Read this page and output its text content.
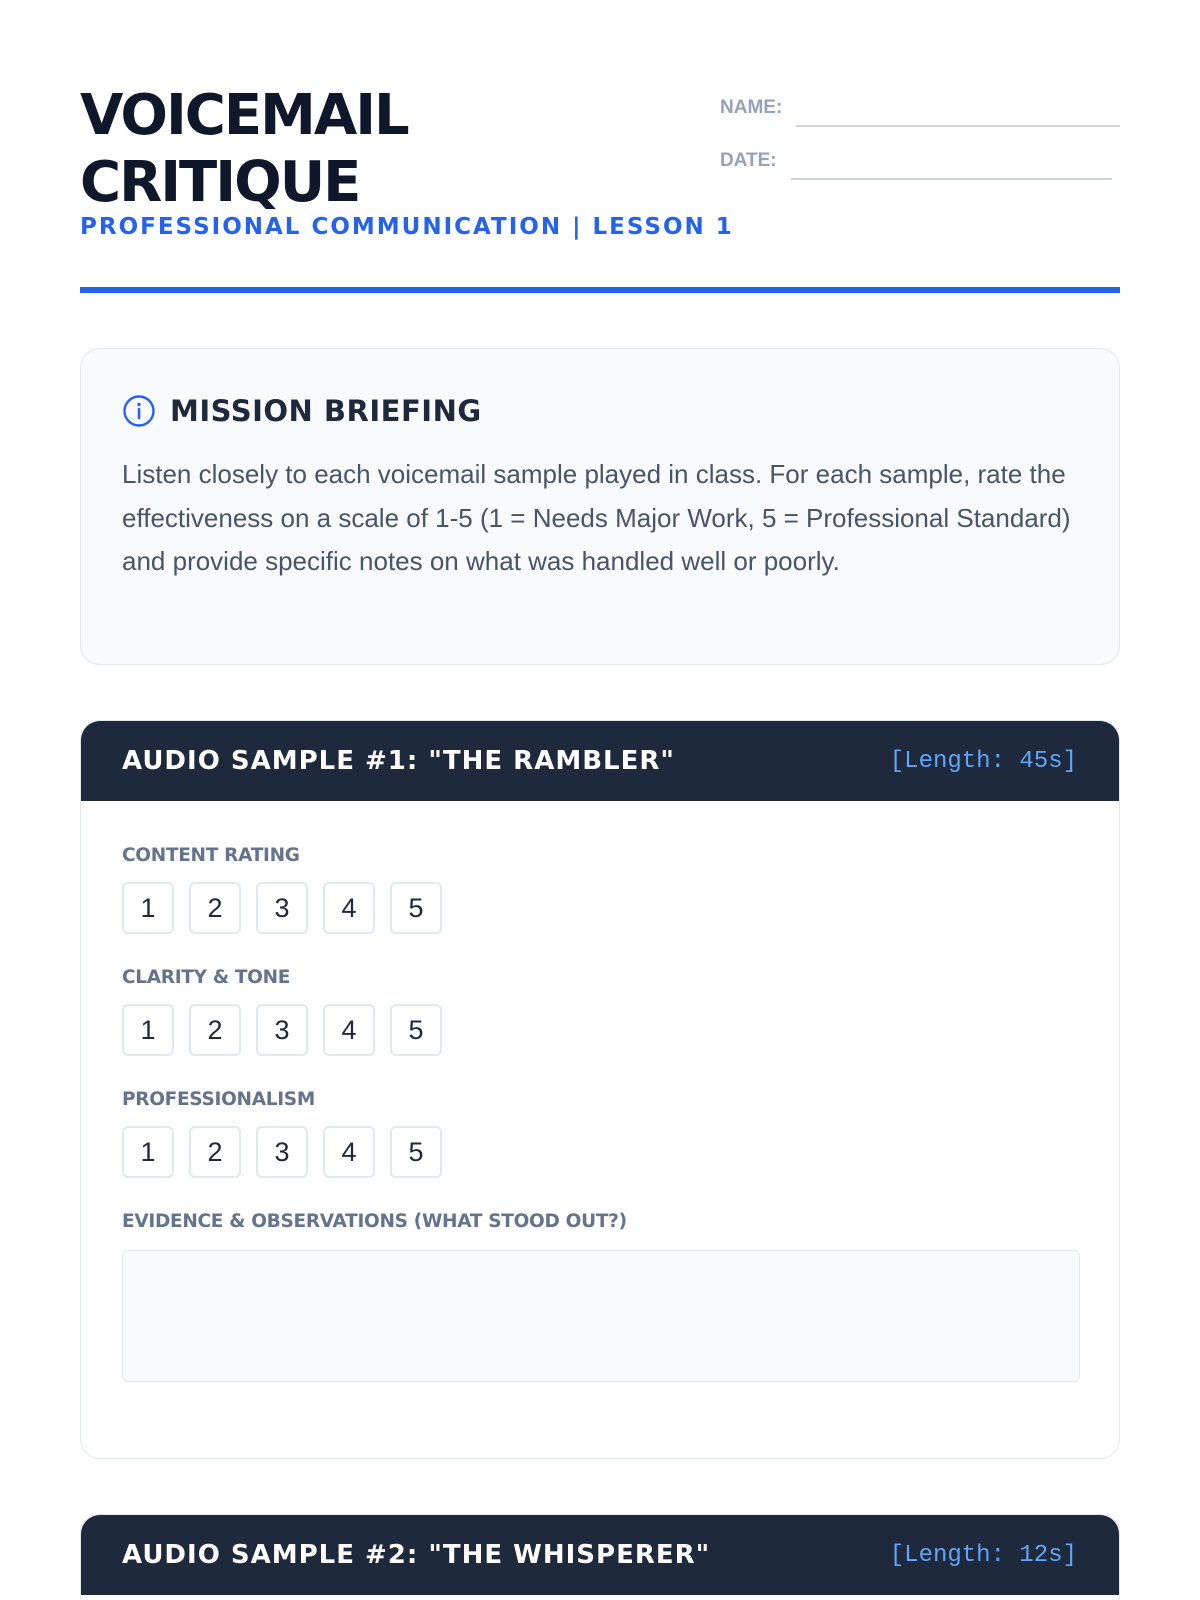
VOICEMAIL
CRITIQUE
PROFESSIONAL COMMUNICATION | LESSON 1
NAME:
DATE:
MISSION BRIEFING

Listen closely to each voicemail sample played in class. For each sample, rate the effectiveness on a scale of 1-5 (1 = Needs Major Work, 5 = Professional Standard) and provide specific notes on what was handled well or poorly.

AUDIO SAMPLE #1: "THE RAMBLER"	[Length: 45s]
CONTENT RATING
1	2	3	4	5
CLARITY & TONE
1	2	3	4	5
PROFESSIONALISM
1	2	3	4	5
EVIDENCE & OBSERVATIONS (WHAT STOOD OUT?)
AUDIO SAMPLE #2: "THE WHISPERER"	[Length: 12s]
